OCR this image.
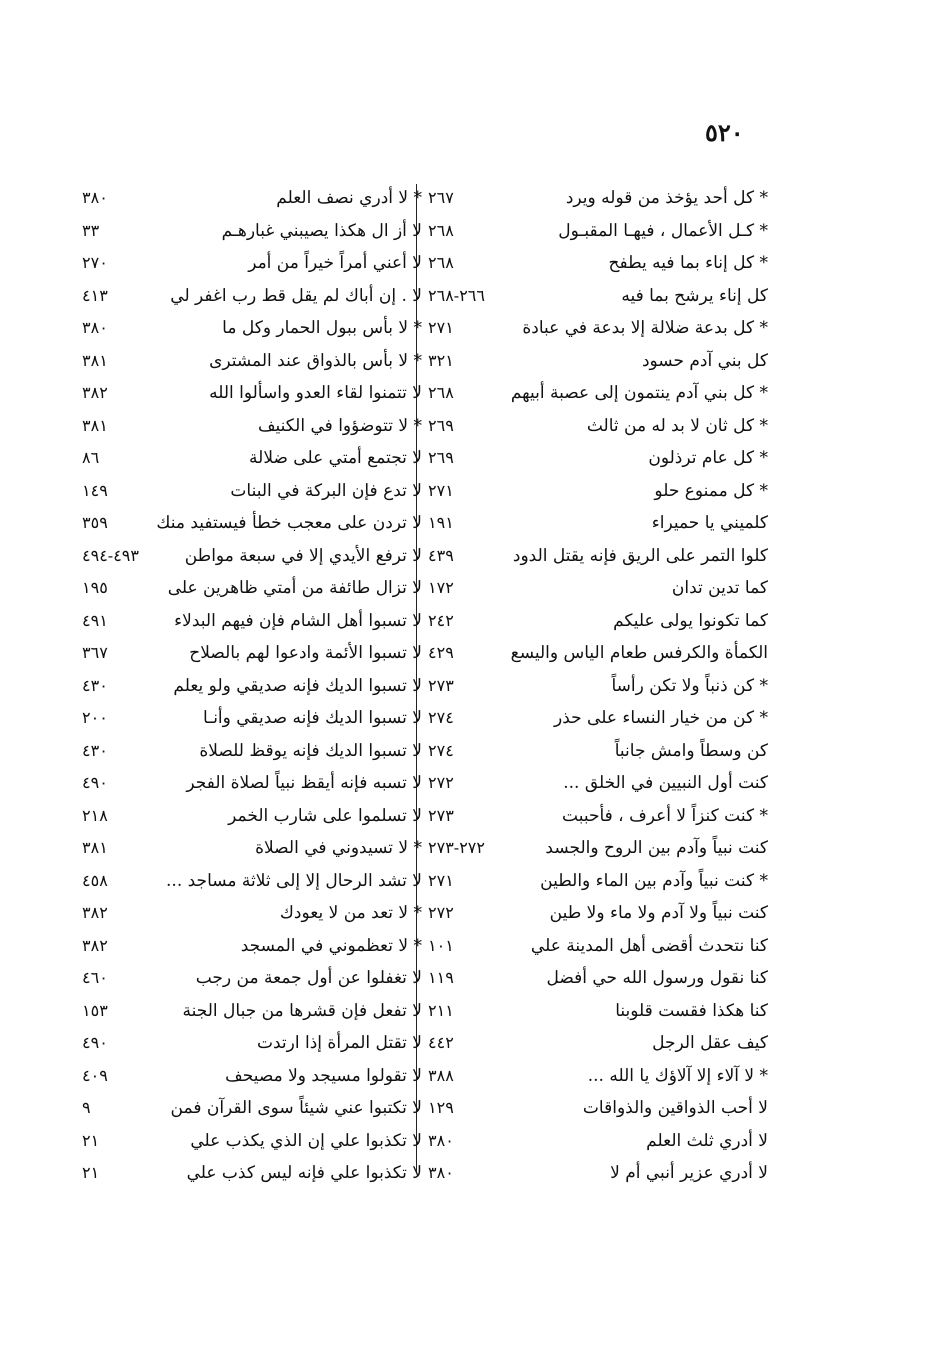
٥٢٠
* كل أحد يؤخذ من قوله ويرد
٢٦٧
* كـل الأعمال ، فيهـا المقبـول
٢٦٨
* كل إناء بما فيه يطفح
٢٦٨
كل إناء يرشح بما فيه
٢٦٦-٢٦٨
* كل بدعة ضلالة إلا بدعة في عبادة
٢٧١
كل بني آدم حسود
٣٢١
* كل بني آدم ينتمون إلى عصبة أبيهم
٢٦٨
* كل ثان لا بد له من ثالث
٢٦٩
* كل عام ترذلون
٢٦٩
* كل ممنوع حلو
٢٧١
كلميني يا حميراء
١٩١
كلوا التمر على الريق فإنه يقتل الدود
٤٣٩
كما تدين تدان
١٧٢
كما تكونوا يولى عليكم
٢٤٢
الكمأة والكرفس طعام الياس واليسع
٤٢٩
* كن ذنباً ولا تكن رأساً
٢٧٣
* كن من خيار النساء على حذر
٢٧٤
كن وسطاً وامش جانباً
٢٧٤
كنت أول النبيين في الخلق ...
٢٧٢
* كنت كنزاً لا أعرف ، فأحببت
٢٧٣
كنت نبياً وآدم بين الروح والجسد
٢٧٢-٢٧٣
* كنت نبياً وآدم بين الماء والطين
٢٧١
كنت نبياً ولا آدم ولا ماء ولا طين
٢٧٢
كنا نتحدث أقضى أهل المدينة علي
١٠١
كنا نقول ورسول الله حي أفضل
١١٩
كنا هكذا فقست قلوبنا
٢١١
كيف عقل الرجل
٤٤٢
* لا آلاء إلا آلاؤك يا الله ...
٣٨٨
لا أحب الذواقين والذواقات
١٢٩
لا أدري ثلث العلم
٣٨٠
لا أدري عزير أنبي أم لا
٣٨٠
* لا أدري نصف العلم
٣٨٠
لا أز ال هكذا يصيبني غبارهـم
٣٣
لا أعني أمراً خيراً من أمر
٢٧٠
لا . إن أباك لم يقل قط رب اغفر لي
٤١٣
* لا بأس ببول الحمار وكل ما
٣٨٠
* لا بأس بالذواق عند المشترى
٣٨١
لا تتمنوا لقاء العدو واسألوا الله
٣٨٢
* لا تتوضؤوا في الكنيف
٣٨١
لا تجتمع أمتي على ضلالة
٨٦
لا تدع فإن البركة في البنات
١٤٩
لا تردن على معجب خطأ فيستفيد منك
٣٥٩
لا ترفع الأيدي إلا في سبعة مواطن
٤٩٣-٤٩٤
لا تزال طائفة من أمتي ظاهرين على
١٩٥
لا تسبوا أهل الشام فإن فيهم البدلاء
٤٩١
لا تسبوا الأئمة وادعوا لهم بالصلاح
٣٦٧
لا تسبوا الديك فإنه صديقي ولو يعلم
٤٣٠
لا تسبوا الديك فإنه صديقي وأنـا
٢٠٠
لا تسبوا الديك فإنه يوقظ للصلاة
٤٣٠
لا تسبه فإنه أيقظ نبياً لصلاة الفجر
٤٩٠
لا تسلموا على شارب الخمر
٢١٨
* لا تسيدوني في الصلاة
٣٨١
لا تشد الرحال إلا إلى ثلاثة مساجد ...
٤٥٨
* لا تعد من لا يعودك
٣٨٢
* لا تعظموني في المسجد
٣٨٢
لا تغفلوا عن أول جمعة من رجب
٤٦٠
لا تفعل فإن قشرها من جبال الجنة
١٥٣
لا تقتل المرأة إذا ارتدت
٤٩٠
لا تقولوا مسيجد ولا مصيحف
٤٠٩
لا تكتبوا عني شيئاً سوى القرآن فمن
٩
لا تكذبوا علي إن الذي يكذب علي
٢١
لا تكذبوا علي فإنه ليس كذب علي
٢١
